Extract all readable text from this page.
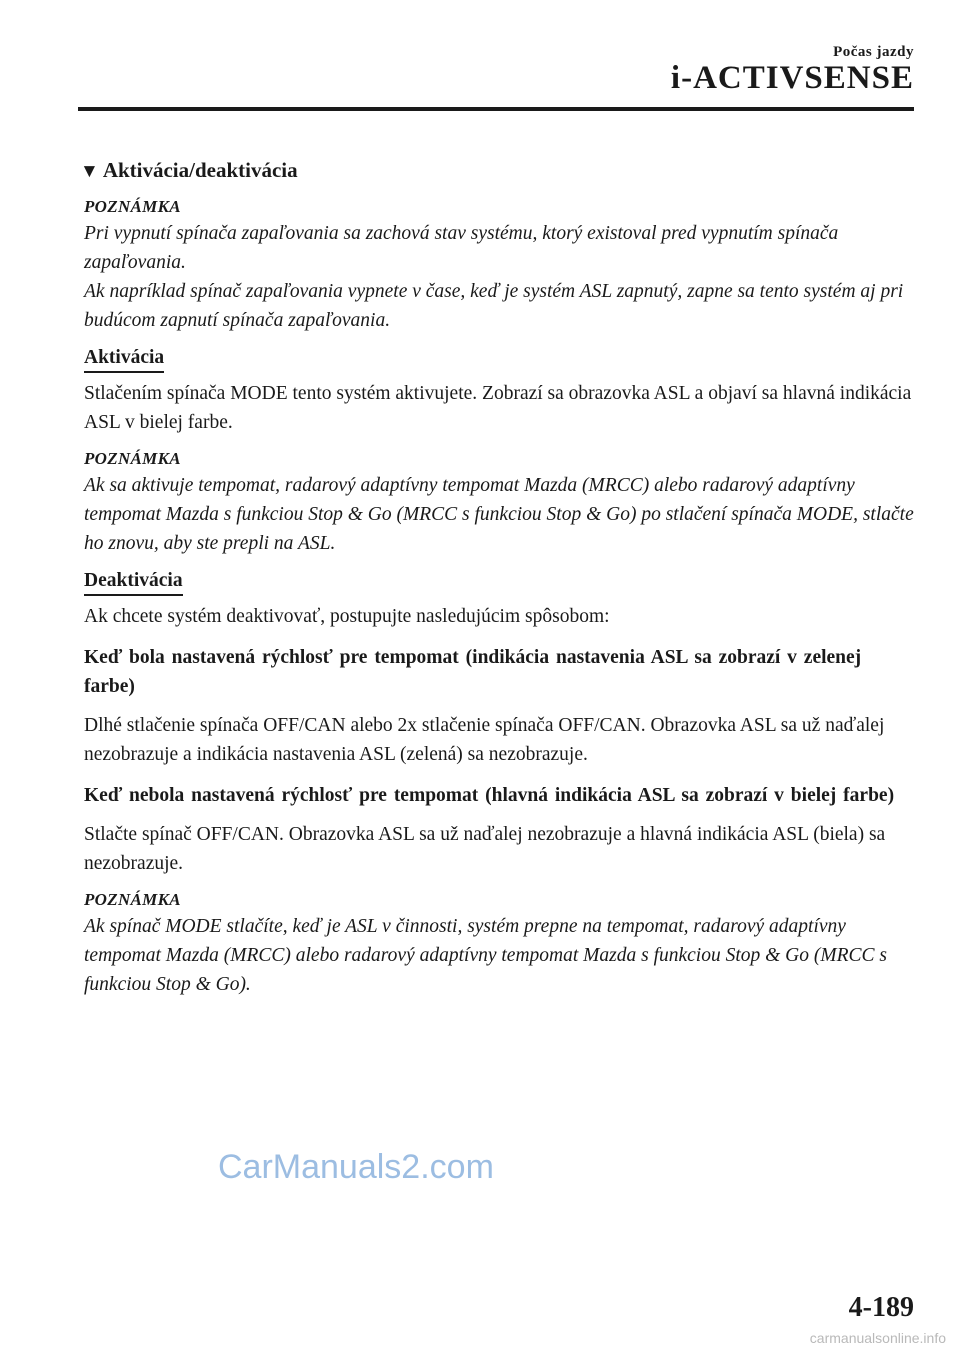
Počas jazdy
i-ACTIVSENSE
▼ Aktivácia/deaktivácia
POZNÁMKA
Pri vypnutí spínača zapaľovania sa zachová stav systému, ktorý existoval pred vypnutím spínača zapaľovania.
Ak napríklad spínač zapaľovania vypnete v čase, keď je systém ASL zapnutý, zapne sa tento systém aj pri budúcom zapnutí spínača zapaľovania.
Aktivácia
Stlačením spínača MODE tento systém aktivujete. Zobrazí sa obrazovka ASL a objaví sa hlavná indikácia ASL v bielej farbe.
POZNÁMKA
Ak sa aktivuje tempomat, radarový adaptívny tempomat Mazda (MRCC) alebo radarový adaptívny tempomat Mazda s funkciou Stop & Go (MRCC s funkciou Stop & Go) po stlačení spínača MODE, stlačte ho znovu, aby ste prepli na ASL.
Deaktivácia
Ak chcete systém deaktivovať, postupujte nasledujúcim spôsobom:
Keď bola nastavená rýchlosť pre tempomat (indikácia nastavenia ASL sa zobrazí v zelenej farbe)
Dlhé stlačenie spínača OFF/CAN alebo 2x stlačenie spínača OFF/CAN. Obrazovka ASL sa už naďalej nezobrazuje a indikácia nastavenia ASL (zelená) sa nezobrazuje.
Keď nebola nastavená rýchlosť pre tempomat (hlavná indikácia ASL sa zobrazí v bielej farbe)
Stlačte spínač OFF/CAN. Obrazovka ASL sa už naďalej nezobrazuje a hlavná indikácia ASL (biela) sa nezobrazuje.
POZNÁMKA
Ak spínač MODE stlačíte, keď je ASL v činnosti, systém prepne na tempomat, radarový adaptívny tempomat Mazda (MRCC) alebo radarový adaptívny tempomat Mazda s funkciou Stop & Go (MRCC s funkciou Stop & Go).
CarManuals2.com
4-189
carmanualsonline.info
